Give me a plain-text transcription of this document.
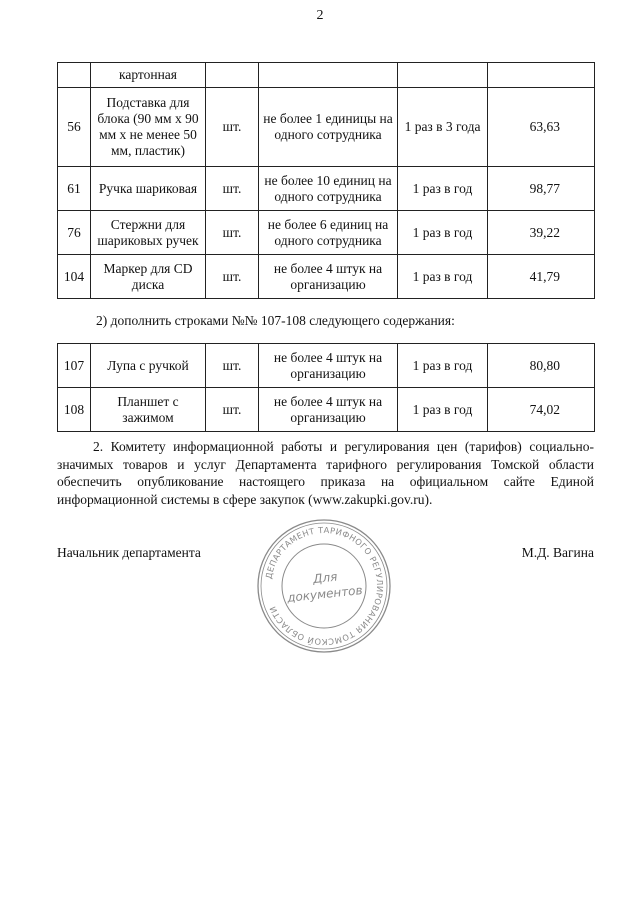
2
	картонная				
56	Подставка для блока (90 мм х 90 мм х не менее 50 мм, пластик)	шт.	не более 1 единицы на одного сотрудника	1 раз в 3 года	63,63
61	Ручка шариковая	шт.	не более 10 единиц на одного сотрудника	1 раз в год	98,77
76	Стержни для шариковых ручек	шт.	не более 6 единиц на одного сотрудника	1 раз в год	39,22
104	Маркер для CD диска	шт.	не более 4 штук на организацию	1 раз в год	41,79
2) дополнить строками №№ 107-108 следующего содержания:
107	Лупа с ручкой	шт.	не более 4 штук на организацию	1 раз в год	80,80
108	Планшет с зажимом	шт.	не более 4 штук на организацию	1 раз в год	74,02

2. Комитету информационной работы и регулирования цен (тарифов) социально-значимых товаров и услуг Департамента тарифного регулирования Томской области обеспечить опубликование настоящего приказа на официальном сайте Единой информационной системы в сфере закупок (www.zakupki.gov.ru).

Начальник департамента	М.Д. Вагина
ДЕПАРТАМЕНТ ТАРИФНОГО РЕГУЛИРОВАНИЯ ТОМСКОЙ ОБЛАСТИ
Для
документов
